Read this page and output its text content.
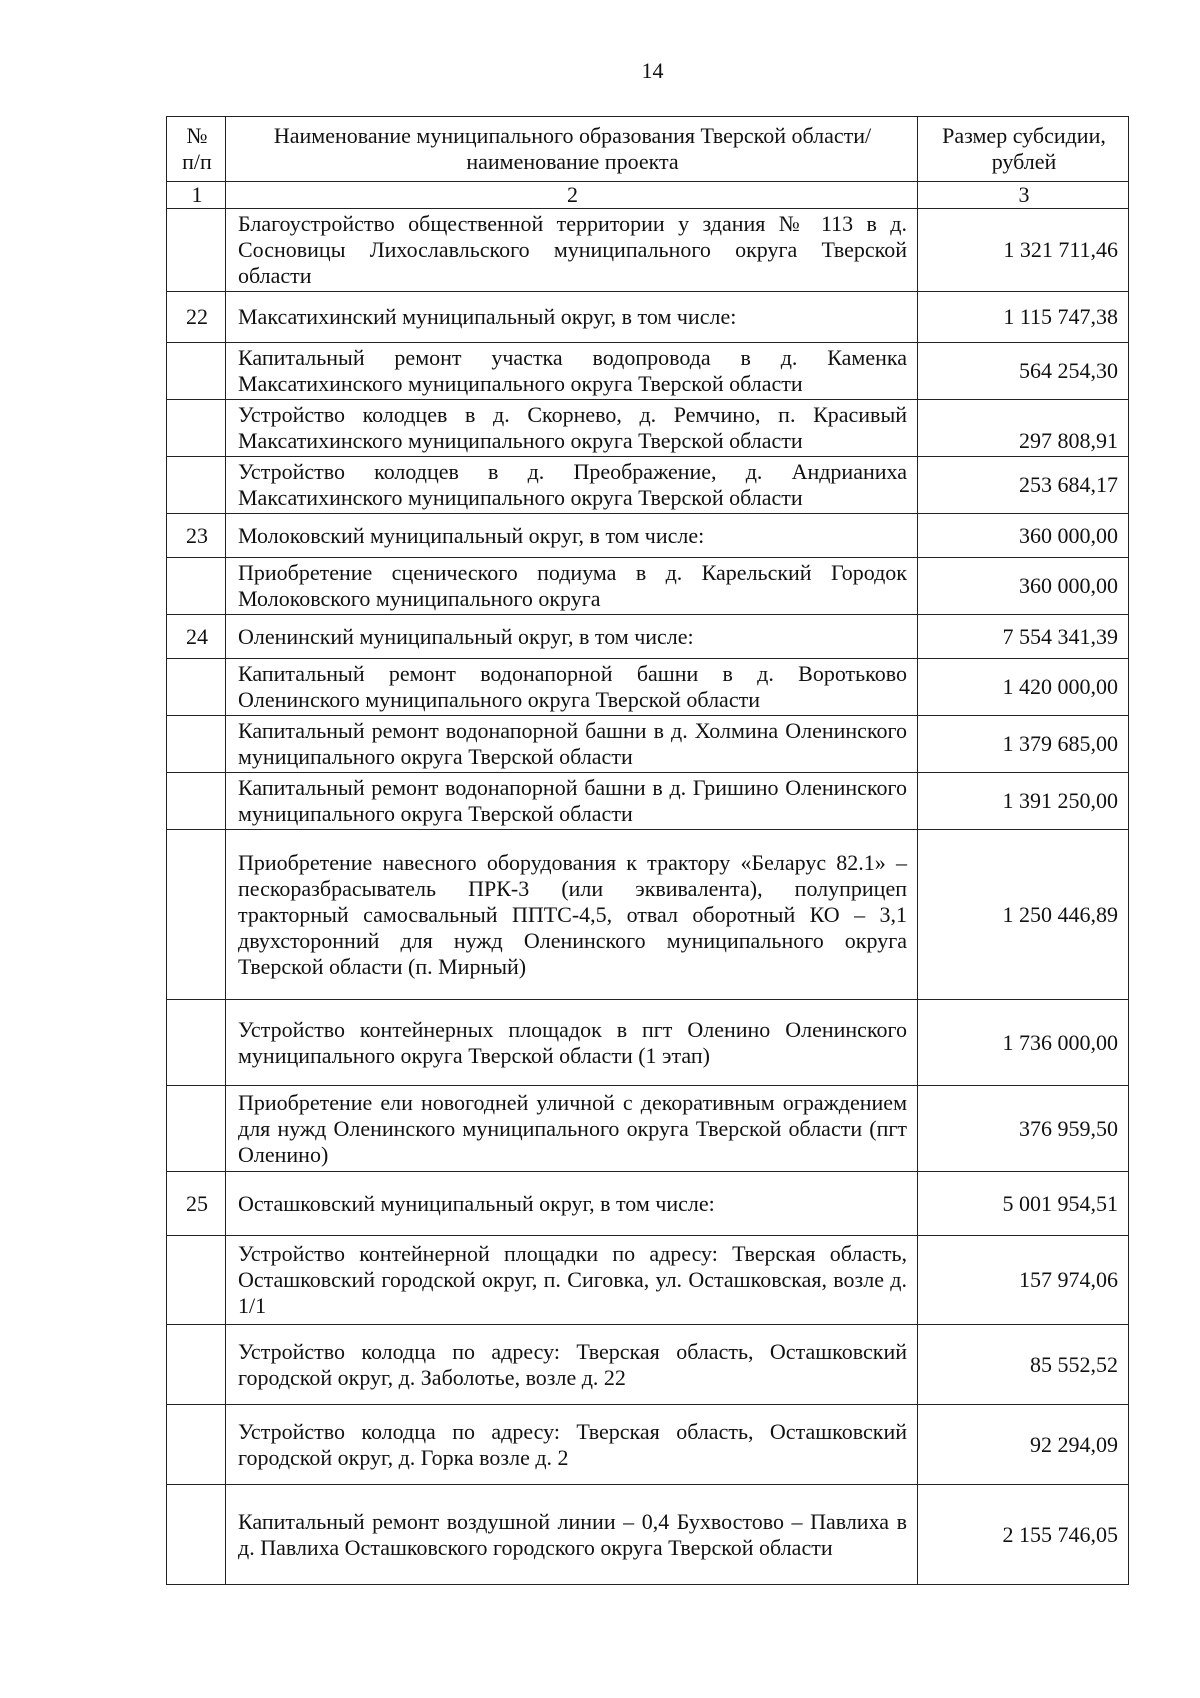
14
№ п/п	Наименование муниципального образования Тверской области/наименование проекта	Размер субсидии, рублей
1	2	3
	Благоустройство общественной территории у здания № 113 в д. Сосновицы Лихославльского муниципального округа Тверской области	1 321 711,46
22	Максатихинский муниципальный округ, в том числе:	1 115 747,38
	Капитальный ремонт участка водопровода в д. Каменка Максатихинского муниципального округа Тверской области	564 254,30
	Устройство колодцев в д. Скорнево, д. Ремчино, п. Красивый Максатихинского муниципального округа Тверской области	297 808,91
	Устройство колодцев в д. Преображение, д. Андрианиха Максатихинского муниципального округа Тверской области	253 684,17
23	Молоковский муниципальный округ, в том числе:	360 000,00
	Приобретение сценического подиума в д. Карельский Городок Молоковского муниципального округа	360 000,00
24	Оленинский муниципальный округ, в том числе:	7 554 341,39
	Капитальный ремонт водонапорной башни в д. Воротьково Оленинского муниципального округа Тверской области	1 420 000,00
	Капитальный ремонт водонапорной башни в д. Холмина Оленинского муниципального округа Тверской области	1 379 685,00
	Капитальный ремонт водонапорной башни в д. Гришино Оленинского муниципального округа Тверской области	1 391 250,00
	Приобретение навесного оборудования к трактору «Беларус 82.1» – пескоразбрасыватель ПРК-3 (или эквивалента), полуприцеп тракторный самосвальный ППТС-4,5, отвал оборотный КО – 3,1 двухсторонний для нужд Оленинского муниципального округа Тверской области (п. Мирный)	1 250 446,89
	Устройство контейнерных площадок в пгт Оленино Оленинского муниципального округа Тверской области (1 этап)	1 736 000,00
	Приобретение ели новогодней уличной с декоративным ограждением для нужд Оленинского муниципального округа Тверской области (пгт Оленино)	376 959,50
25	Осташковский муниципальный округ, в том числе:	5 001 954,51
	Устройство контейнерной площадки по адресу: Тверская область, Осташковский городской округ, п. Сиговка, ул. Осташковская, возле д. 1/1	157 974,06
	Устройство колодца по адресу: Тверская область, Осташковский городской округ, д. Заболотье, возле д. 22	85 552,52
	Устройство колодца по адресу: Тверская область, Осташковский городской округ, д. Горка возле д. 2	92 294,09
	Капитальный ремонт воздушной линии – 0,4 Бухвостово – Павлиха в д. Павлиха Осташковского городского округа Тверской области	2 155 746,05
